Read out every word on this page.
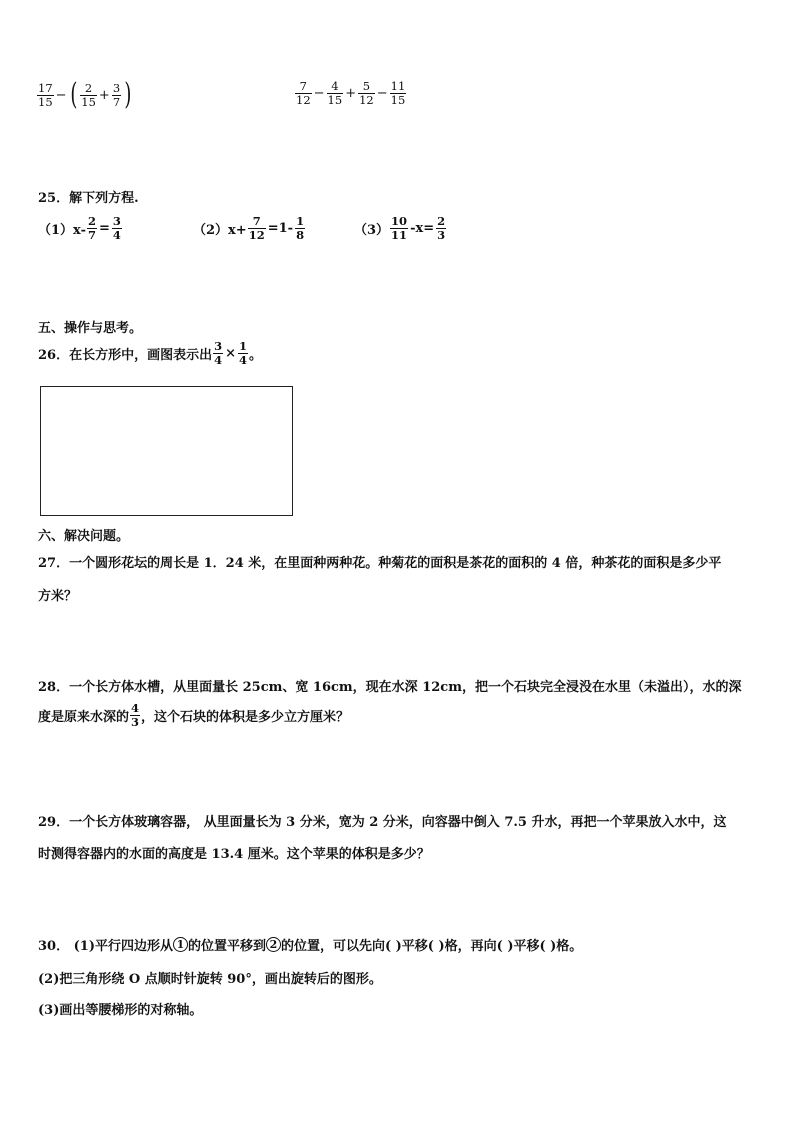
$\frac{17}{15}$ − ( $\frac{2}{15} + \frac{3}{7}$ )	$\frac{7}{12} - \frac{4}{15} + \frac{5}{12} - \frac{11}{15}$
25．解下列方程.
$(1)x- \frac{2}{7} = \frac{3}{4}$	$(2)x+ \frac{7}{12} =1- \frac{1}{8}$	$(3) \frac{10}{11} -x= \frac{2}{3}$
五、操作与思考。
26．在长方形中，画图表示出 $\frac{3}{4} \times \frac{1}{4}$ 。
六、解决问题。
27．一个圆形花坛的周长是 1．24 米，在里面种两种花。种菊花的面积是茶花的面积的 4 倍，种茶花的面积是多少平
方米？
28．一个长方体水槽，从里面量长 25cm、宽 16cm，现在水深 12cm，把一个石块完全浸没在水里（未溢出），水的深
度是原来水深的 $\frac{4}{3}$ ，这个石块的体积是多少立方厘米？
29．一个长方体玻璃容器， 从里面量长为 3 分米，宽为 2 分米，向容器中倒入 7.5 升水，再把一个苹果放入水中，这
时测得容器内的水面的高度是 13.4 厘米。这个苹果的体积是多少？
30． (1)平行四边形从 1 的位置平移到 2 的位置，可以先向( )平移( )格，再向( )平移( )格。
(2)把三角形绕 O 点顺时针旋转 90°，画出旋转后的图形。
(3)画出等腰梯形的对称轴。
